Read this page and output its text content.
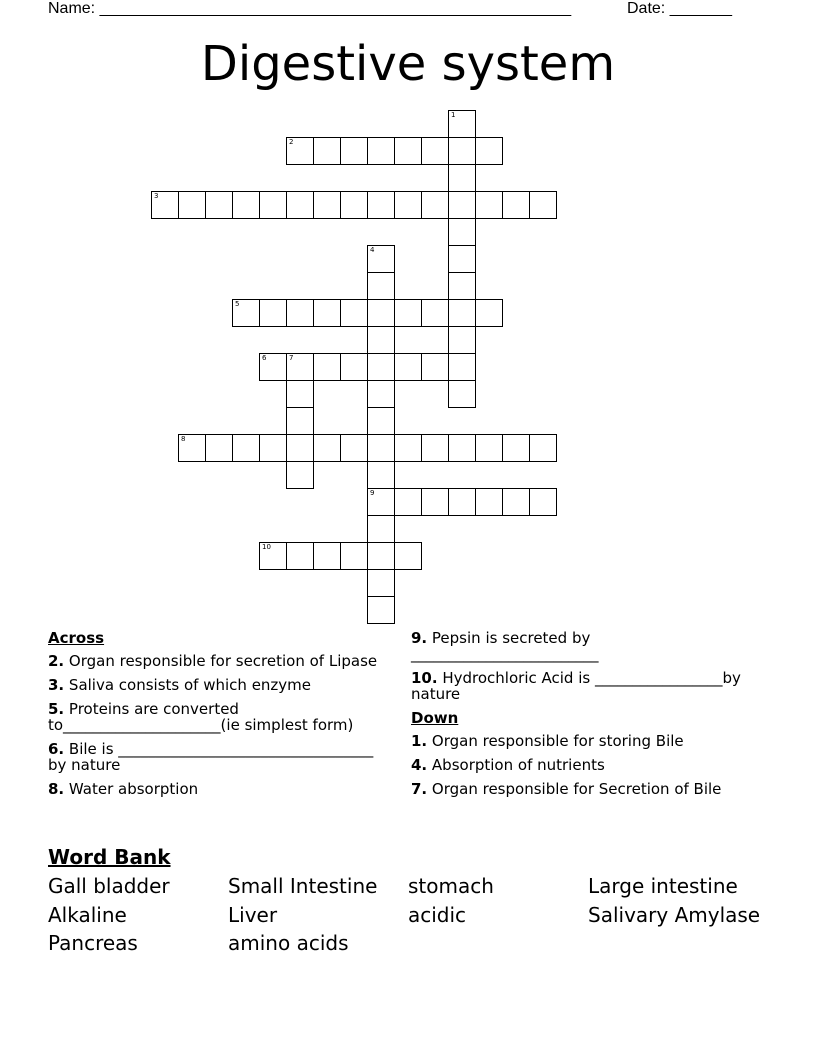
Name: _____________________________________________________	Date: _______
Digestive system
1
2
3
4
9
5
6	7
8
10
Across
2. Organ responsible for secretion of Lipase
3. Saliva consists of which enzyme
5. Proteins are converted to_____________________(ie simplest form)
6. Bile is __________________________________ by nature
8. Water absorption
9. Pepsin is secreted by _________________________
10. Hydrochloric Acid is _________________by nature
Down
1. Organ responsible for storing Bile
4. Absorption of nutrients
7. Organ responsible for Secretion of Bile
Word Bank
Gall bladder	Small Intestine	stomach	Large intestine
Alkaline	Liver	acidic	Salivary Amylase
Pancreas	amino acids
